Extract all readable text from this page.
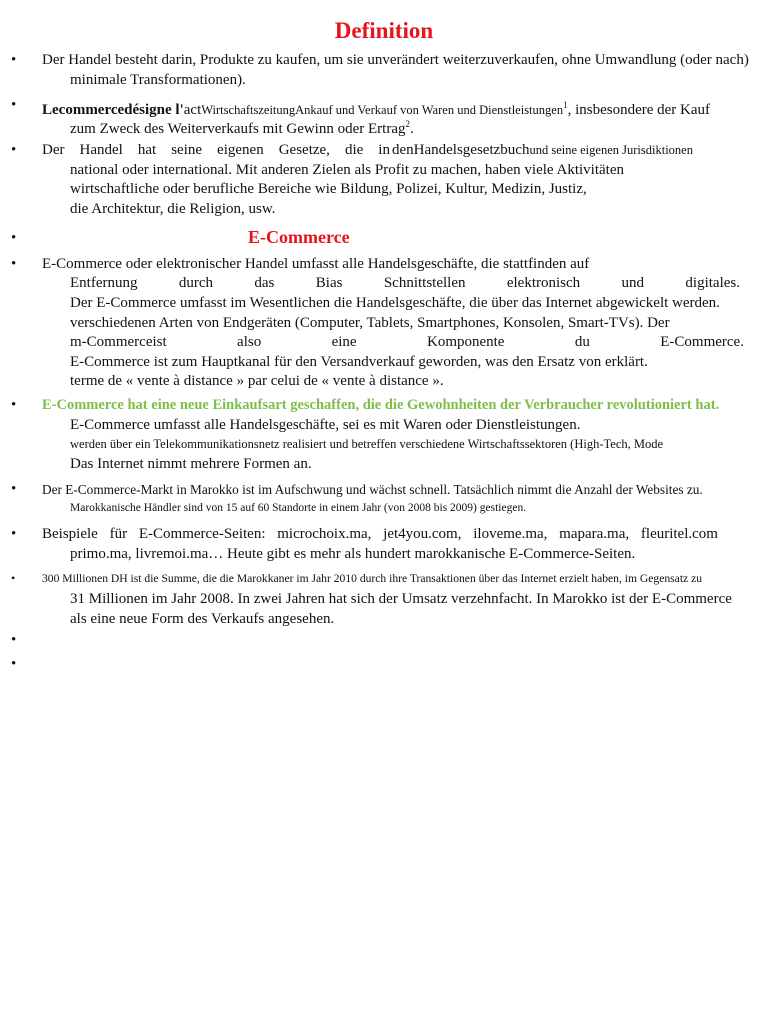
Definition
• Der Handel besteht darin, Produkte zu kaufen, um sie unverändert weiterzuverkaufen, ohne Umwandlung (oder nach)
minimale Transformationen).
• Lecommercedésigne l'actWirtschaftszeitungAnkauf und Verkauf von Waren und Dienstleistungen$^1$, insbesondere der Kauf
zum Zweck des Weiterverkaufs mit Gewinn oder Ertrag$^2$.
• Der Handel hat seine eigenen Gesetze, die in denHandelsgesetzbuchund seine eigenen Jurisdiktionen
national oder international. Mit anderen Zielen als Profit zu machen, haben viele Aktivitäten
wirtschaftliche oder berufliche Bereiche wie Bildung, Polizei, Kultur, Medizin, Justiz,
die Architektur, die Religion, usw.
•	E-Commerce
• E-Commerce oder elektronischer Handel umfasst alle Handelsgeschäfte, die stattfinden auf
Entfernung	durch	das	Bias	Schnittstellen	elektronisch	und	digitales.
Der E-Commerce umfasst im Wesentlichen die Handelsgeschäfte, die über das Internet abgewickelt werden.
verschiedenen Arten von Endgeräten (Computer, Tablets, Smartphones, Konsolen, Smart-TVs). Der
m-Commerceist	also	eine	Komponente	du	E-Commerce.
E-Commerce ist zum Hauptkanal für den Versandverkauf geworden, was den Ersatz von erklärt.
terme de « vente à distance » par celui de « vente à distance ».
• E-Commerce hat eine neue Einkaufsart geschaffen, die die Gewohnheiten der Verbraucher revolutioniert hat.
E-Commerce umfasst alle Handelsgeschäfte, sei es mit Waren oder Dienstleistungen.
werden über ein Telekommunikationsnetz realisiert und betreffen verschiedene Wirtschaftssektoren (High-Tech, Mode
Das Internet nimmt mehrere Formen an.
• Der E-Commerce-Markt in Marokko ist im Aufschwung und wächst schnell. Tatsächlich nimmt die Anzahl der Websites zu.
Marokkanische Händler sind von 15 auf 60 Standorte in einem Jahr (von 2008 bis 2009) gestiegen.
• Beispiele für E-Commerce-Seiten: microchoix.ma, jet4you.com, iloveme.ma, mapara.ma, fleuritel.com
primo.ma, livremoi.ma… Heute gibt es mehr als hundert marokkanische E-Commerce-Seiten.
• 300 Millionen DH ist die Summe, die die Marokkaner im Jahr 2010 durch ihre Transaktionen über das Internet erzielt haben, im Gegensatz zu
31 Millionen im Jahr 2008. In zwei Jahren hat sich der Umsatz verzehnfacht. In Marokko ist der E-Commerce
als eine neue Form des Verkaufs angesehen.
•
•
